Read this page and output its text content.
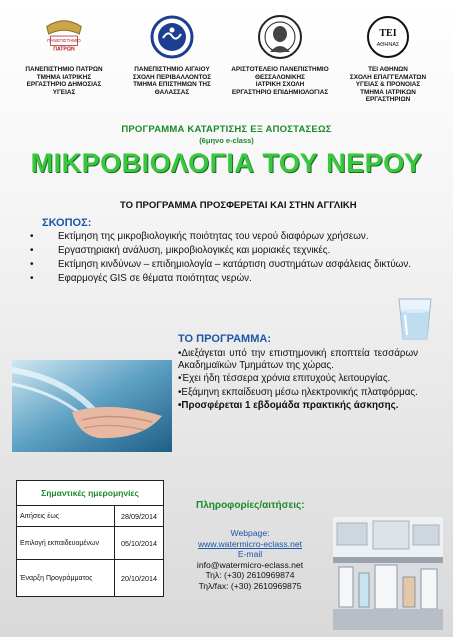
ΠΑΝΕΠΙΣΤΗΜΙΟ
ΠΑΤΡΩΝ
ΠΑΝΕΠΙΣΤΗΜΙΟ ΠΑΤΡΩΝ
ΤΜΗΜΑ ΙΑΤΡΙΚΗΣ
ΕΡΓΑΣΤΗΡΙΟ ΔΗΜΟΣΙΑΣ
ΥΓΕΙΑΣ
ΠΑΝΕΠΙΣΤΗΜΙΟ ΑΙΓΑΙΟΥ
ΣΧΟΛΗ ΠΕΡΙΒΑΛΛΟΝΤΟΣ
ΤΜΗΜΑ ΕΠΙΣΤΗΜΩΝ ΤΗΣ
ΘΑΛΑΣΣΑΣ
ΑΡΙΣΤΟΤΕΛΕΙΟ ΠΑΝΕΠΙΣΤΗΜΙΟ
ΘΕΣΣΑΛΟΝΙΚΗΣ
ΙΑΤΡΙΚΗ ΣΧΟΛΗ
ΕΡΓΑΣΤΗΡΙΟ ΕΠΙΔΗΜΙΟΛΟΓΙΑΣ
ΤΕΙ
ΑΘΗΝΑΣ
ΤΕΙ ΑΘΗΝΩΝ
ΣΧΟΛΗ ΕΠΑΓΓΕΛΜΑΤΩΝ
ΥΓΕΙΑΣ & ΠΡΟΝΟΙΑΣ
ΤΜΗΜΑ ΙΑΤΡΙΚΩΝ
ΕΡΓΑΣΤΗΡΙΩΝ
ΠΡΟΓΡΑΜΜΑ ΚΑΤΑΡΤΙΣΗΣ ΕΞ ΑΠΟΣΤΑΣΕΩΣ
(6μηνο e-class)
ΜΙΚΡΟΒΙΟΛΟΓΙΑ ΤΟΥ ΝΕΡΟΥ
ΤΟ ΠΡΟΓΡΑΜΜΑ ΠΡΟΣΦΕΡΕΤΑΙ ΚΑΙ ΣΤΗΝ ΑΓΓΛΙΚΗ
ΣΚΟΠΟΣ:
• Εκτίμηση της μικροβιολογικής ποιότητας του νερού διαφόρων χρήσεων.
• Εργαστηριακή ανάλυση, μικροβιολογικές και μοριακές τεχνικές.
• Εκτίμηση κινδύνων – επιδημιολογία – κατάρτιση συστημάτων ασφάλειας δικτύων.
• Εφαρμογές GIS σε θέματα ποιότητας νερών.
ΤΟ ΠΡΟΓΡΑΜΜΑ:
•Διεξάγεται υπό την επιστημονική εποπτεία τεσσάρων Ακαδημαϊκών Τμημάτων της χώρας.
•Έχει ήδη τέσσερα χρόνια επιτυχούς λειτουργίας.
•Εξάμηνη εκπαίδευση μέσω ηλεκτρονικής πλατφόρμας.
•Προσφέρεται 1 εβδομάδα πρακτικής άσκησης.
Σημαντικές ημερομηνίες	
Αιτήσεις έως	28/09/2014
Επιλογή εκπαιδευομένων	05/10/2014
Έναρξη Προγράμματος	20/10/2014
Πληροφορίες/αιτήσεις:
Webpage:
www.watermicro-eclass.net
E-mail
info@watermicro-eclass.net
Τηλ: (+30) 2610969874
Τηλ/fax: (+30) 2610969875
